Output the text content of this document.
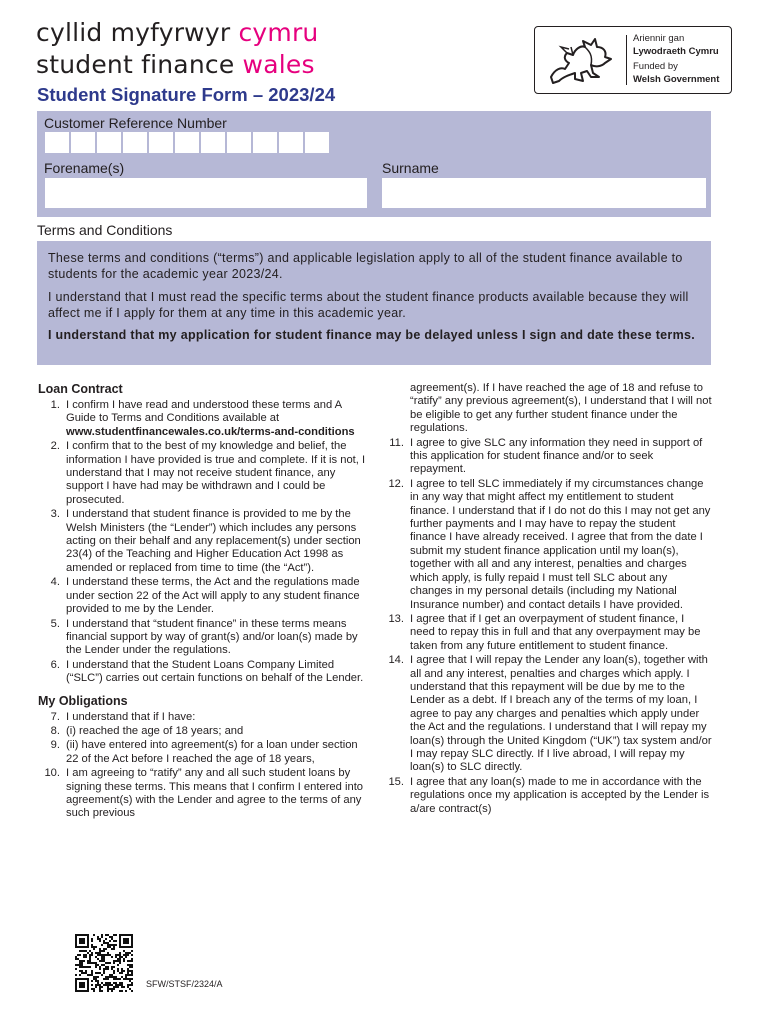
cyllid myfyrwyr cymru
student finance wales
Ariennir gan
Lywodraeth Cymru
Funded by
Welsh Government
Student Signature Form – 2023/24
Customer Reference Number
Forename(s)	Surname
Terms and Conditions

These terms and conditions (“terms”) and applicable legislation apply to all of the student finance available to students for the academic year 2023/24.

I understand that I must read the specific terms about the student finance products available because they will affect me if I apply for them at any time in this academic year.

I understand that my application for student finance may be delayed unless I sign and date these terms.

Loan Contract
1. I confirm I have read and understood these terms and A Guide to Terms and Conditions available at www.studentfinancewales.co.uk/terms-and-conditions
2. I confirm that to the best of my knowledge and belief, the information I have provided is true and complete. If it is not, I understand that I may not receive student finance, any support I have had may be withdrawn and I could be prosecuted.
3. I understand that student finance is provided to me by the Welsh Ministers (the “Lender”) which includes any persons acting on their behalf and any replacement(s) under section 23(4) of the Teaching and Higher Education Act 1998 as amended or replaced from time to time (the “Act”).
4. I understand these terms, the Act and the regulations made under section 22 of the Act will apply to any student finance provided to me by the Lender.
5. I understand that “student finance” in these terms means financial support by way of grant(s) and/or loan(s) made by the Lender under the regulations.
6. I understand that the Student Loans Company Limited (“SLC”) carries out certain functions on behalf of the Lender.
My Obligations
7. I understand that if I have:
8. (i) reached the age of 18 years; and
9. (ii) have entered into agreement(s) for a loan under section 22 of the Act before I reached the age of 18 years,
10. I am agreeing to “ratify” any and all such student loans by signing these terms. This means that I confirm I entered into agreement(s) with the Lender and agree to the terms of any such previous
agreement(s). If I have reached the age of 18 and refuse to “ratify” any previous agreement(s), I understand that I will not be eligible to get any further student finance under the regulations.
11. I agree to give SLC any information they need in support of this application for student finance and/or to seek repayment.
12. I agree to tell SLC immediately if my circumstances change in any way that might affect my entitlement to student finance. I understand that if I do not do this I may not get any further payments and I may have to repay the student finance I have already received. I agree that from the date I submit my student finance application until my loan(s), together with all and any interest, penalties and charges which apply, is fully repaid I must tell SLC about any changes in my personal details (including my National Insurance number) and contact details I have provided.
13. I agree that if I get an overpayment of student finance, I need to repay this in full and that any overpayment may be taken from any future entitlement to student finance.
14. I agree that I will repay the Lender any loan(s), together with all and any interest, penalties and charges which apply. I understand that this repayment will be due by me to the Lender as a debt. If I breach any of the terms of my loan, I agree to pay any charges and penalties which apply under the Act and the regulations. I understand that I will repay my loan(s) through the United Kingdom (“UK”) tax system and/or I may repay SLC directly. If I live abroad, I will repay my loan(s) to SLC directly.
15. I agree that any loan(s) made to me in accordance with the regulations once my application is accepted by the Lender is a/are contract(s)
SFW/STSF/2324/A
